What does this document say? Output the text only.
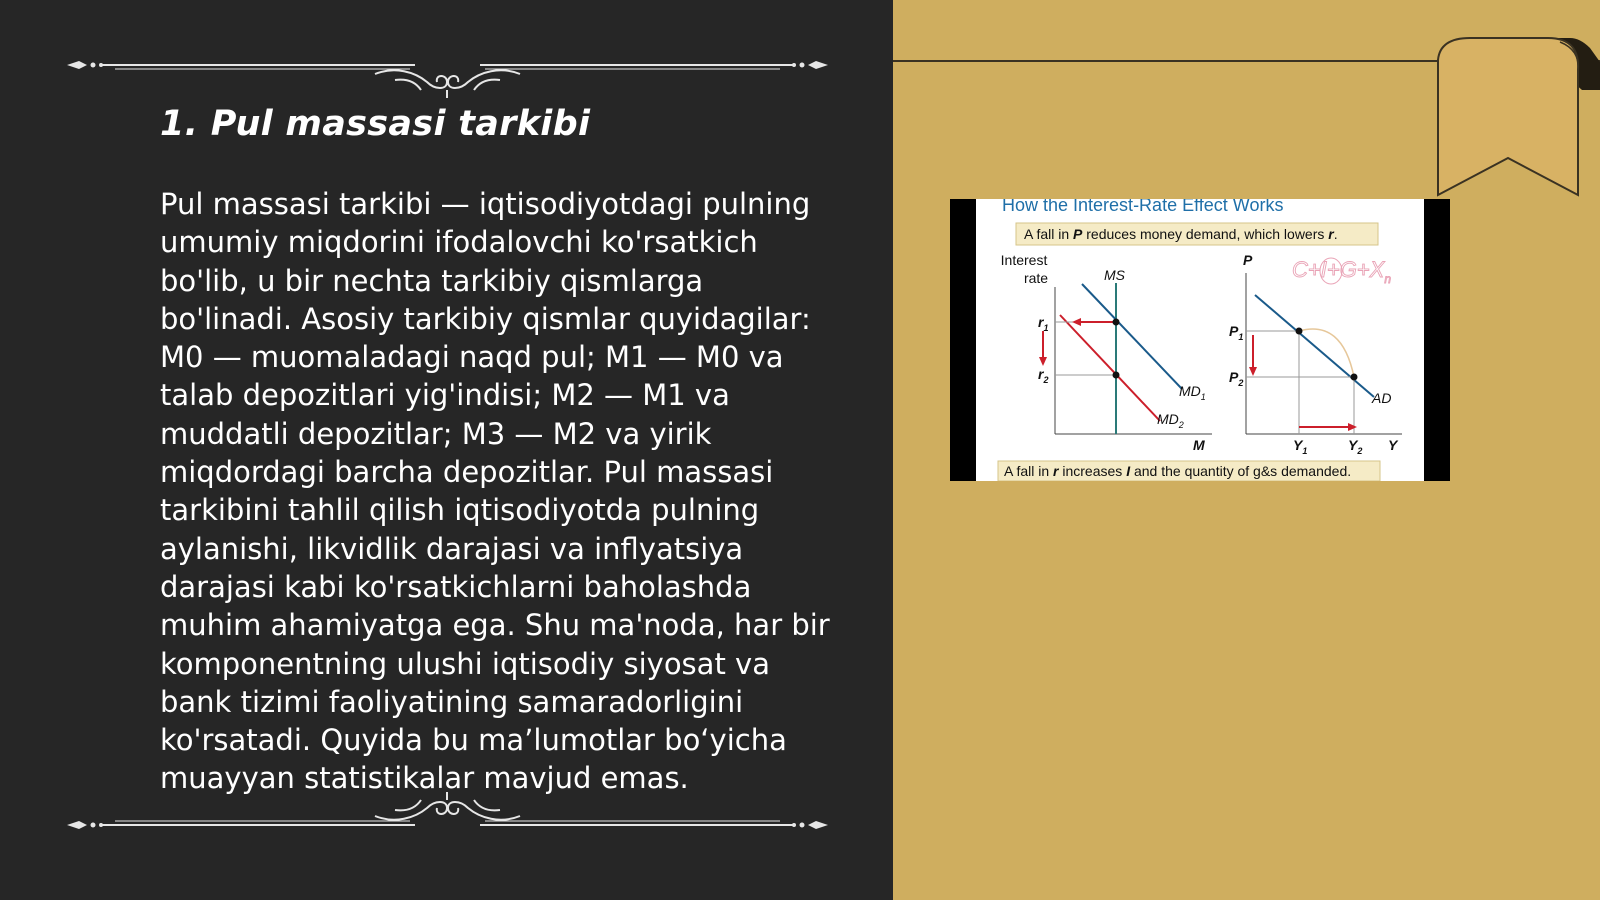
1. Pul massasi tarkibi

Pul massasi tarkibi — iqtisodiyotdagi pulning umumiy miqdorini ifodalovchi ko'rsatkich bo'lib, u bir nechta tarkibiy qismlarga bo'linadi. Asosiy tarkibiy qismlar quyidagilar: M0 — muomaladagi naqd pul; M1 — M0 va talab depozitlari yig'indisi; M2 — M1 va muddatli depozitlar; M3 — M2 va yirik miqdordagi barcha depozitlar. Pul massasi tarkibini tahlil qilish iqtisodiyotda pulning aylanishi, likvidlik darajasi va inflyatsiya darajasi kabi ko'rsatkichlarni baholashda muhim ahamiyatga ega. Shu ma'noda, har bir komponentning ulushi iqtisodiy siyosat va bank tizimi faoliyatining samaradorligini ko'rsatadi. Quyida bu ma’lumotlar bo‘yicha muayyan statistikalar mavjud emas.

How the Interest-Rate Effect Works
A fall in P reduces money demand, which lowers r.
Interest
rate	MS
$r_1$
$r_2$
$MD_1$
$MD_2$
M
P
$P_1$
$P_2$
AD
$Y_1$	$Y_2$ Y
$C+I+G+X_n$
A fall in r increases I and the quantity of g&s demanded.
